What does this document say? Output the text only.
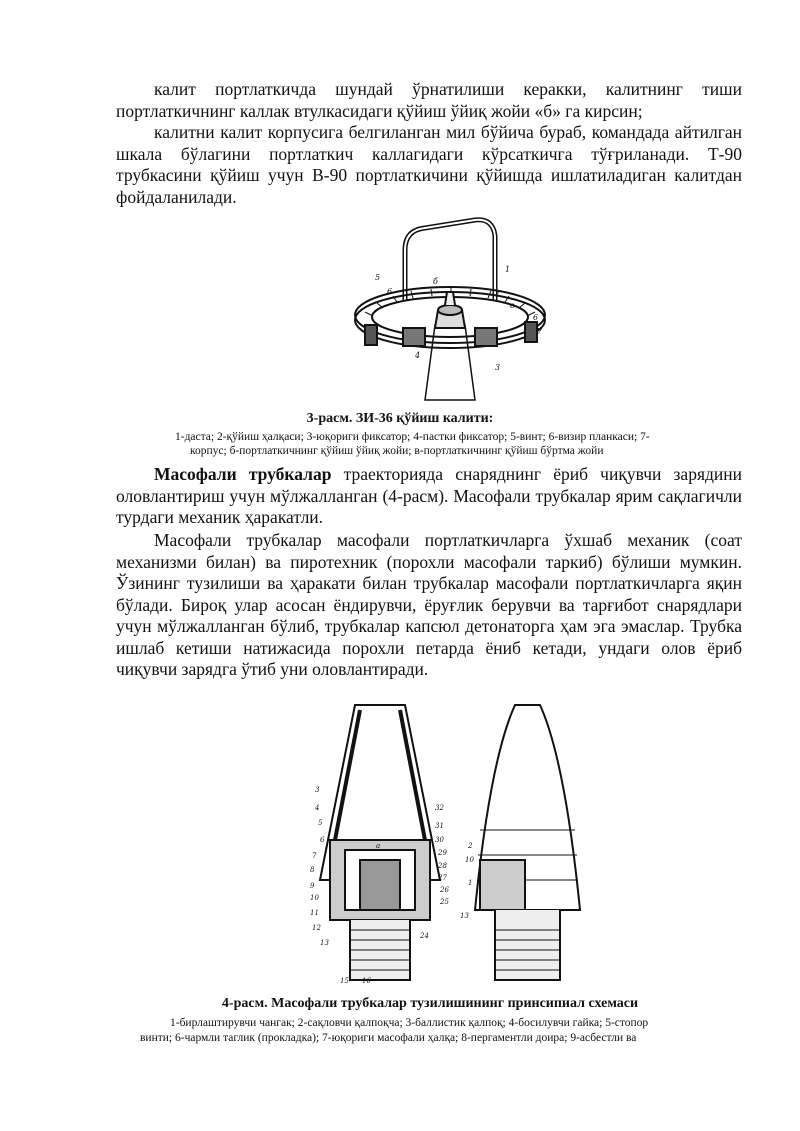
калит портлаткичда шундай ўрнатилиши керакки, калитнинг тиши портлаткичнинг каллак втулкасидаги қўйиш ўйиқ жойи «б» га кирсин;

калитни калит корпусига белгиланган мил бўйича бураб, командада айтилган шкала бўлагини портлаткич каллагидаги кўрсаткичга тўғриланади. Т-90 трубкасини қўйиш учун В-90 портлаткичини қўйишда ишлатиладиган калитдан фойдаланилади.

5
6
б
1
2
в
6
7
3
4
3-расм. ЗИ-36 қўйиш калити:
1-даста; 2-қўйиш ҳалқаси; 3-юқориги фиксатор; 4-пастки фиксатор; 5-винт; 6-визир планкаси; 7-
корпус; б-портлаткичнинг қўйиш ўйиқ жойи; в-портлаткичнинг қўйиш бўртма жойи

Масофали трубкалар траекторияда снаряднинг ёриб чиқувчи зарядини оловлантириш учун мўлжалланган (4-расм). Масофали трубкалар ярим сақлагичли турдаги механик ҳаракатли.

Масофали трубкалар масофали портлаткичларга ўхшаб механик (соат механизми билан) ва пиротехник (порохли масофали таркиб) бўлиши мумкин. Ўзининг тузилиши ва ҳаракати билан трубкалар масофали портлаткичларга яқин бўлади. Бироқ улар асосан ёндирувчи, ёруғлик берувчи ва тарғибот снарядлари учун мўлжалланган бўлиб, трубкалар капсюл детонаторга ҳам эга эмаслар. Трубка ишлаб кетиши натижасида порохли петарда ёниб кетади, ундаги олов ёриб чиқувчи зарядга ўтиб уни оловлантиради.

3
4
5
6
7
8
9
10
11
12
13
a
32
31
30
29
28
27
26
25
24
15 16
2
10
1
13
4-расм. Масофали трубкалар тузилишининг принсипиал схемаси
1-бирлаштирувчи чангак; 2-сақловчи қалпоқча; 3-баллистик қалпоқ; 4-босилувчи гайка; 5-стопор
винти; 6-чармли таглик (прокладка); 7-юқориги масофали ҳалқа; 8-пергаментли доира; 9-асбестли ва
